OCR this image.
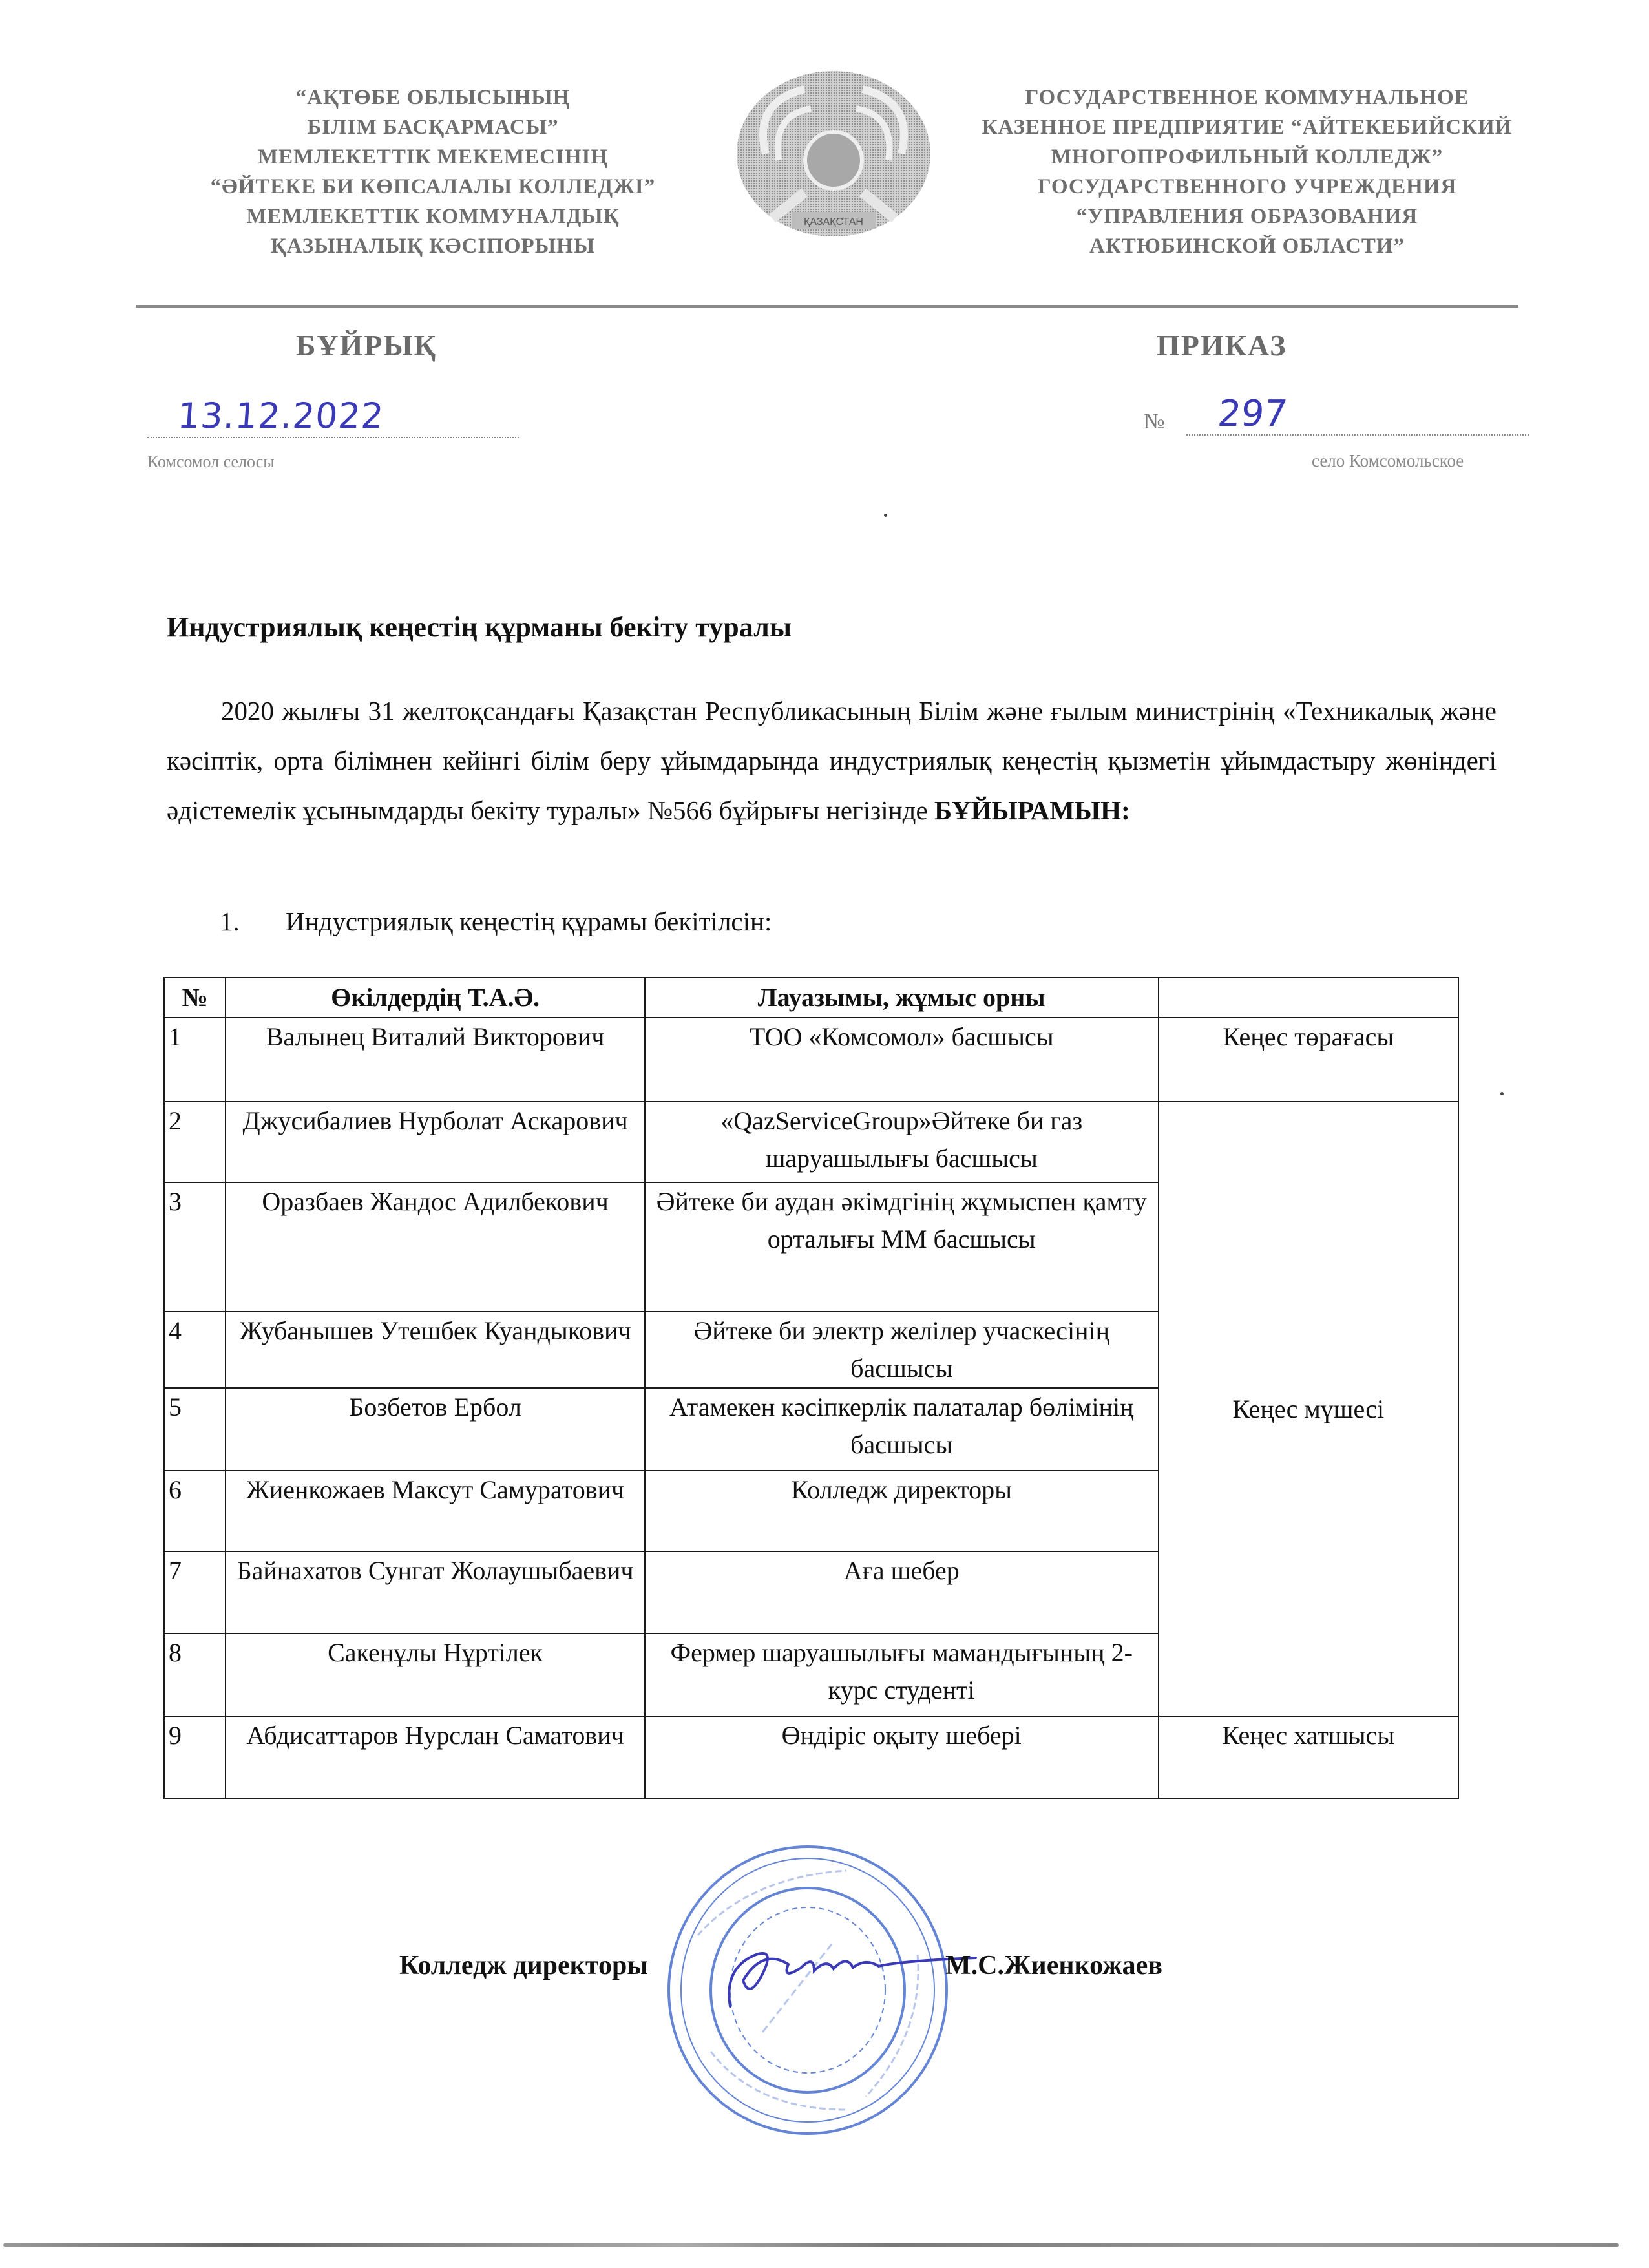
“АҚТӨБЕ ОБЛЫСЫНЫҢ
БІЛІМ БАСҚАРМАСЫ”
МЕМЛЕКЕТТІК МЕКЕМЕСІНІҢ
“ӘЙТЕКЕ БИ КӨПСАЛАЛЫ КОЛЛЕДЖІ”
МЕМЛЕКЕТТІК КОММУНАЛДЫҚ
ҚАЗЫНАЛЫҚ КӘСІПОРЫНЫ
ҚАЗАҚСТАН
ГОСУДАРСТВЕННОЕ КОММУНАЛЬНОЕ
КАЗЕННОЕ ПРЕДПРИЯТИЕ “АЙТЕКЕБИЙСКИЙ
МНОГОПРОФИЛЬНЫЙ КОЛЛЕДЖ”
ГОСУДАРСТВЕННОГО УЧРЕЖДЕНИЯ
“УПРАВЛЕНИЯ ОБРАЗОВАНИЯ
АКТЮБИНСКОЙ ОБЛАСТИ”
БҰЙРЫҚ	ПРИКАЗ
13.12.2022
Комсомол селосы
№ 297
село Комсомольское
Индустриялық кеңестің құрманы бекіту туралы
2020 жылғы 31 желтоқсандағы Қазақстан Республикасының Білім және ғылым министрінің «Техникалық және кәсіптік, орта білімнен кейінгі білім беру ұйымдарында индустриялық кеңестің қызметін ұйымдастыру жөніндегі әдістемелік ұсынымдарды бекіту туралы» №566 бұйрығы негізінде БҰЙЫРАМЫН:
1. Индустриялық кеңестің құрамы бекітілсін:
№	Өкілдердің Т.А.Ә.	Лауазымы, жұмыс орны	
1	Валынец Виталий Викторович	ТОО «Комсомол» басшысы	Кеңес төрағасы
2	Джусибалиев Нурболат Аскарович	«QazServiceGroup»Әйтеке би газ шаруашылығы басшысы	Кеңес мүшесі
3	Оразбаев Жандос Адилбекович	Әйтеке би аудан әкімдгінің жұмыспен қамту орталығы ММ басшысы	
4	Жубанышев Утешбек Куандыкович	Әйтеке би электр желілер учаскесінің басшысы	
5	Бозбетов Ербол	Атамекен кәсіпкерлік палаталар бөлімінің басшысы	
6	Жиенкожаев Максут Самуратович	Колледж директоры	
7	Байнахатов Сунгат Жолаушыбаевич	Аға шебер	
8	Сакенұлы Нұртілек	Фермер шаруашылығы мамандығының 2-курс студенті	
9	Абдисаттаров Нурслан Саматович	Өндіріс оқыту шебері	Кеңес хатшысы
Колледж директоры	М.С.Жиенкожаев
